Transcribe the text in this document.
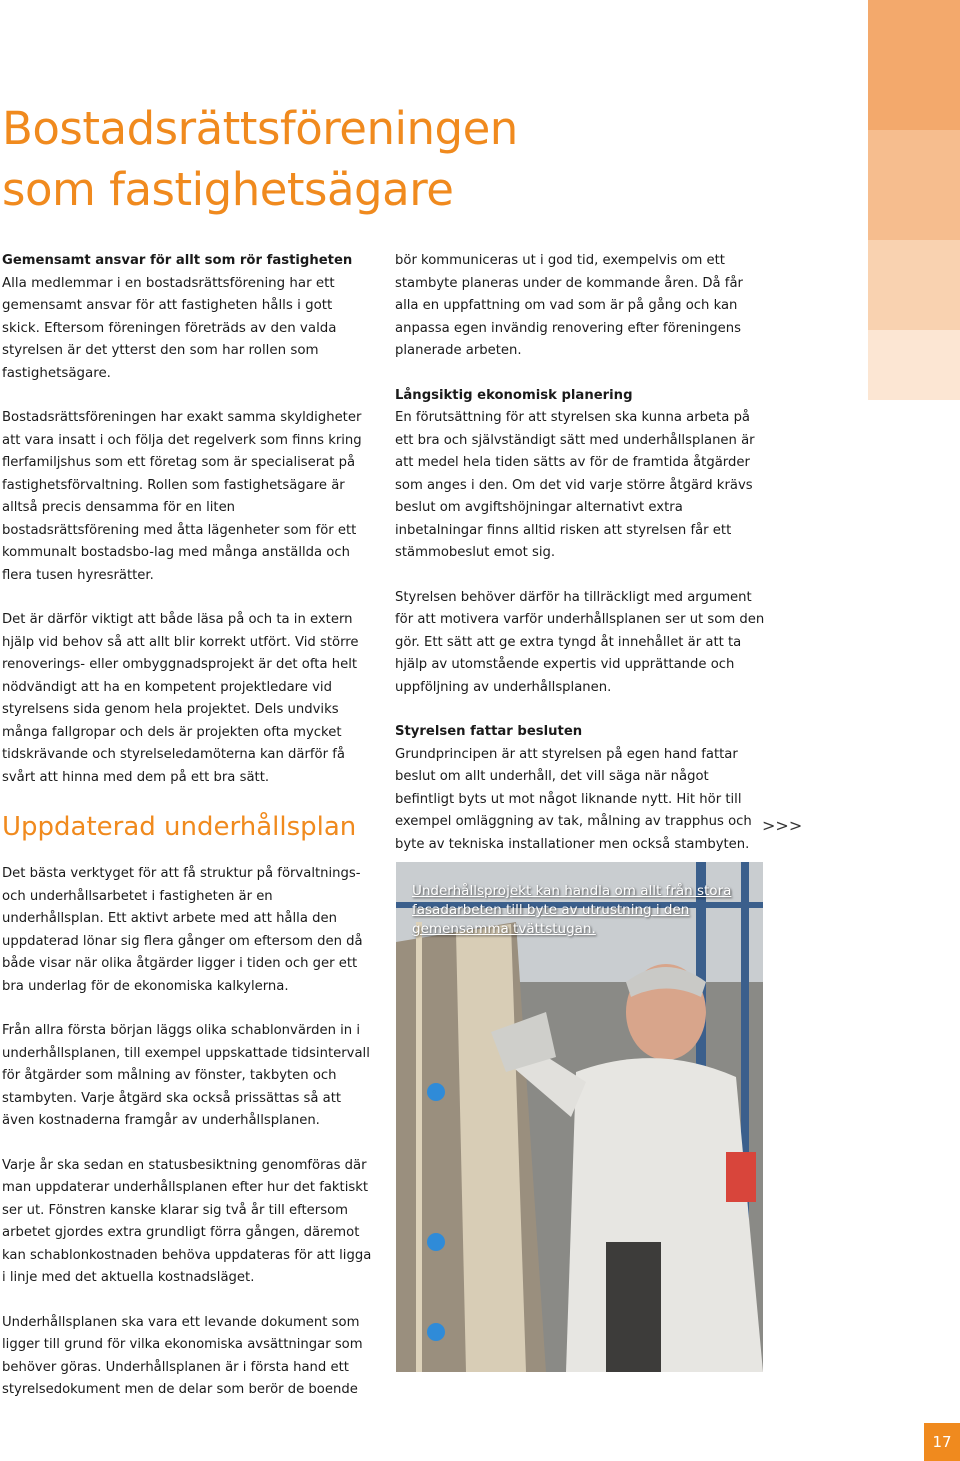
Bostadsrättsföreningen
som fastighetsägare
Gemensamt ansvar för allt som rör fastigheten

Alla medlemmar i en bostadsrättsförening har ett gemensamt ansvar för att fastigheten hålls i gott skick. Eftersom föreningen företräds av den valda styrelsen är det ytterst den som har rollen som fastighetsägare.

Bostadsrättsföreningen har exakt samma skyldigheter att vara insatt i och följa det regelverk som finns kring flerfamiljshus som ett företag som är specialiserat på fastighetsförvaltning. Rollen som fastighetsägare är alltså precis densamma för en liten bostadsrättsförening med åtta lägenheter som för ett kommunalt bostadsbo-lag med många anställda och flera tusen hyresrätter.

Det är därför viktigt att både läsa på och ta in extern hjälp vid behov så att allt blir korrekt utfört. Vid större renoverings- eller ombyggnadsprojekt är det ofta helt nödvändigt att ha en kompetent projektledare vid styrelsens sida genom hela projektet. Dels undviks många fallgropar och dels är projekten ofta mycket tidskrävande och styrelseledamöterna kan därför få svårt att hinna med dem på ett bra sätt.

Uppdaterad underhållsplan

Det bästa verktyget för att få struktur på förvaltnings-och underhållsarbetet i fastigheten är en underhållsplan. Ett aktivt arbete med att hålla den uppdaterad lönar sig flera gånger om eftersom den då både visar när olika åtgärder ligger i tiden och ger ett bra underlag för de ekonomiska kalkylerna.

Från allra första början läggs olika schablonvärden in i underhållsplanen, till exempel uppskattade tidsintervall för åtgärder som målning av fönster, takbyten och stambyten. Varje åtgärd ska också prissättas så att även kostnaderna framgår av underhållsplanen.

Varje år ska sedan en statusbesiktning genomföras där man uppdaterar underhållsplanen efter hur det faktiskt ser ut. Fönstren kanske klarar sig två år till eftersom arbetet gjordes extra grundligt förra gången, däremot kan schablonkostnaden behöva uppdateras för att ligga i linje med det aktuella kostnadsläget.

Underhållsplanen ska vara ett levande dokument som ligger till grund för vilka ekonomiska avsättningar som behöver göras. Underhållsplanen är i första hand ett styrelsedokument men de delar som berör de boende

bör kommuniceras ut i god tid, exempelvis om ett stambyte planeras under de kommande åren. Då får alla en uppfattning om vad som är på gång och kan anpassa egen invändig renovering efter föreningens planerade arbeten.

Långsiktig ekonomisk planering

En förutsättning för att styrelsen ska kunna arbeta på ett bra och självständigt sätt med underhållsplanen är att medel hela tiden sätts av för de framtida åtgärder som anges i den. Om det vid varje större åtgärd krävs beslut om avgiftshöjningar alternativt extra inbetalningar finns alltid risken att styrelsen får ett stämmobeslut emot sig.

Styrelsen behöver därför ha tillräckligt med argument för att motivera varför underhållsplanen ser ut som den gör. Ett sätt att ge extra tyngd åt innehållet är att ta hjälp av utomstående expertis vid upprättande och uppföljning av underhållsplanen.

Styrelsen fattar besluten

Grundprincipen är att styrelsen på egen hand fattar beslut om allt underhåll, det vill säga när något befintligt byts ut mot något liknande nytt. Hit hör till exempel omläggning av tak, målning av trapphus och byte av tekniska installationer men också stambyten.

>>>

Underhållsprojekt kan handla om allt från stora fasadarbeten till byte av utrustning i den gemensamma tvättstugan.

17
